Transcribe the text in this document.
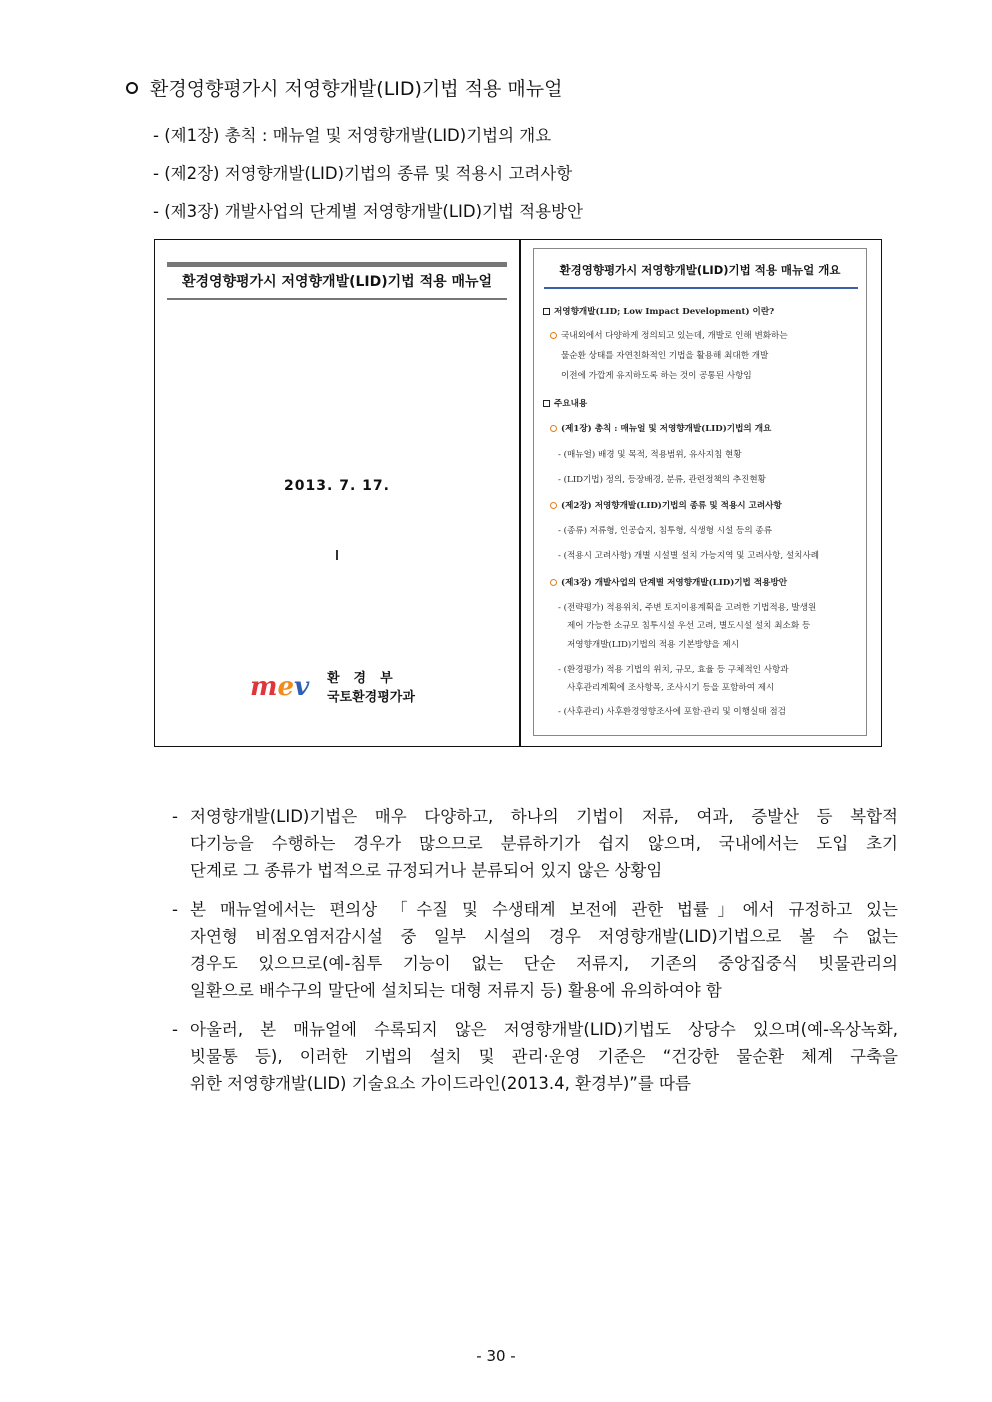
환경영향평가시 저영향개발(LID)기법 적용 매뉴얼
- (제1장) 총칙 : 매뉴얼 및 저영향개발(LID)기법의 개요
- (제2장) 저영향개발(LID)기법의 종류 및 적용시 고려사항
- (제3장) 개발사업의 단계별 저영향개발(LID)기법 적용방안
환경영향평가시 저영향개발(LID)기법 적용 매뉴얼
2013. 7. 17.
mev 환경부
국토환경평가과
환경영향평가시 저영향개발(LID)기법 적용 매뉴얼 개요
저영향개발(LID; Low Impact Development) 이란?
국내외에서 다양하게 정의되고 있는데, 개발로 인해 변화하는
물순환 상태를 자연친화적인 기법을 활용해 최대한 개발
이전에 가깝게 유지하도록 하는 것이 공통된 사항임
주요내용
(제1장) 총칙 : 매뉴얼 및 저영향개발(LID)기법의 개요
- (매뉴얼) 배경 및 목적, 적용범위, 유사지침 현황
- (LID기법) 정의, 등장배경, 분류, 관련정책의 추진현황
(제2장) 저영향개발(LID)기법의 종류 및 적용시 고려사항
- (종류) 저류형, 인공습지, 침투형, 식생형 시설 등의 종류
- (적용시 고려사항) 개별 시설별 설치 가능지역 및 고려사항, 설치사례
(제3장) 개발사업의 단계별 저영향개발(LID)기법 적용방안
- (전략평가) 적용위치, 주변 토지이용계획을 고려한 기법적용, 발생원
제어 가능한 소규모 침투시설 우선 고려, 별도시설 설치 최소화 등
저영향개발(LID)기법의 적용 기본방향을 제시
- (환경평가) 적용 기법의 위치, 규모, 효율 등 구체적인 사항과
사후관리계획에 조사항목, 조사시기 등을 포함하여 제시
- (사후관리) 사후환경영향조사에 포함·관리 및 이행실태 점검
- 저영향개발(LID)기법은 매우 다양하고, 하나의 기법이 저류, 여과, 증발산 등 복합적
다기능을 수행하는 경우가 많으므로 분류하기가 쉽지 않으며, 국내에서는 도입 초기
단계로 그 종류가 법적으로 규정되거나 분류되어 있지 않은 상황임
- 본 매뉴얼에서는 편의상 「수질 및 수생태계 보전에 관한 법률」에서 규정하고 있는
자연형 비점오염저감시설 중 일부 시설의 경우 저영향개발(LID)기법으로 볼 수 없는
경우도 있으므로(예-침투 기능이 없는 단순 저류지, 기존의 중앙집중식 빗물관리의
일환으로 배수구의 말단에 설치되는 대형 저류지 등) 활용에 유의하여야 함
- 아울러, 본 매뉴얼에 수록되지 않은 저영향개발(LID)기법도 상당수 있으며(예-옥상녹화,
빗물통 등), 이러한 기법의 설치 및 관리·운영 기준은 “건강한 물순환 체계 구축을
위한 저영향개발(LID) 기술요소 가이드라인(2013.4, 환경부)”를 따름
- 30 -
